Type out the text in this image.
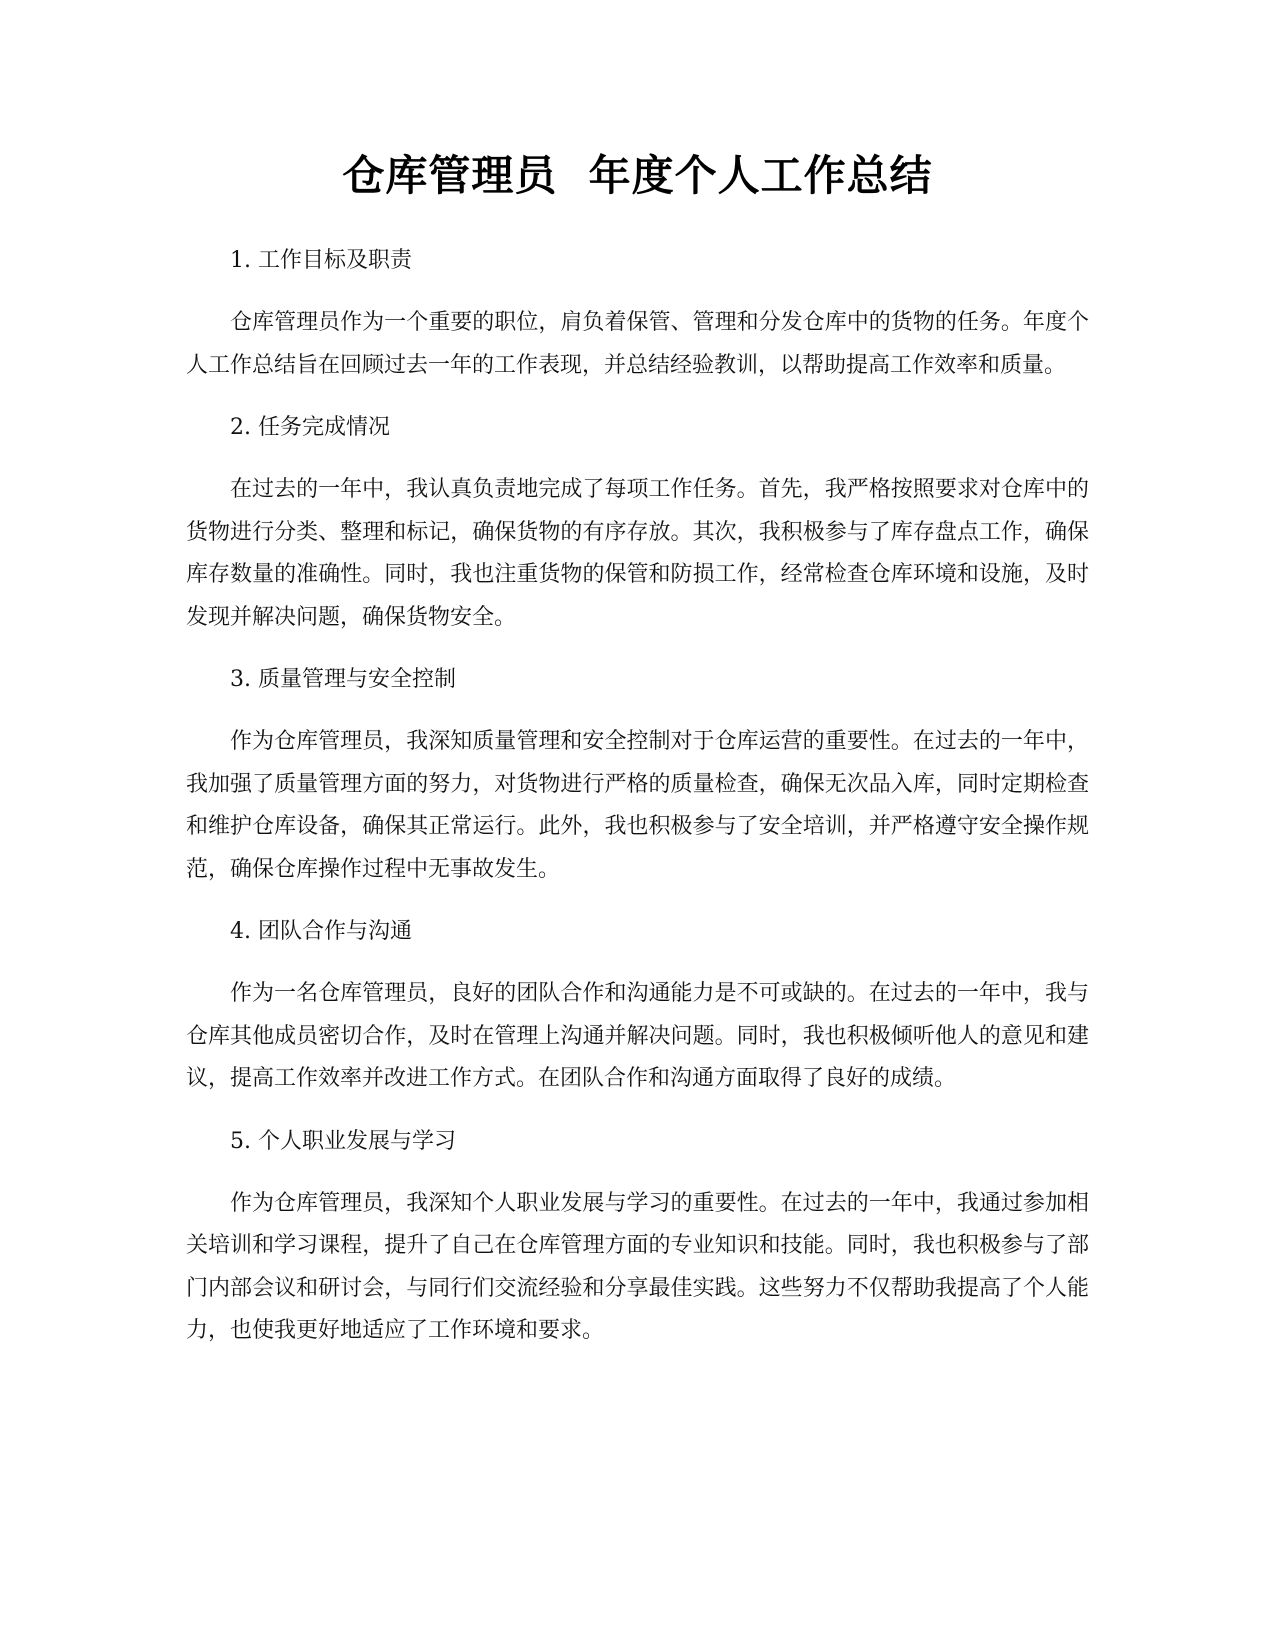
仓库管理员  年度个人工作总结
1. 工作目标及职责

仓库管理员作为一个重要的职位，肩负着保管、管理和分发仓库中的货物的任务。年度个人工作总结旨在回顾过去一年的工作表现，并总结经验教训，以帮助提高工作效率和质量。

2. 任务完成情况

在过去的一年中，我认真负责地完成了每项工作任务。首先，我严格按照要求对仓库中的货物进行分类、整理和标记，确保货物的有序存放。其次，我积极参与了库存盘点工作，确保库存数量的准确性。同时，我也注重货物的保管和防损工作，经常检查仓库环境和设施，及时发现并解决问题，确保货物安全。

3. 质量管理与安全控制

作为仓库管理员，我深知质量管理和安全控制对于仓库运营的重要性。在过去的一年中，我加强了质量管理方面的努力，对货物进行严格的质量检查，确保无次品入库，同时定期检查和维护仓库设备，确保其正常运行。此外，我也积极参与了安全培训，并严格遵守安全操作规范，确保仓库操作过程中无事故发生。

4. 团队合作与沟通

作为一名仓库管理员，良好的团队合作和沟通能力是不可或缺的。在过去的一年中，我与仓库其他成员密切合作，及时在管理上沟通并解决问题。同时，我也积极倾听他人的意见和建议，提高工作效率并改进工作方式。在团队合作和沟通方面取得了良好的成绩。

5. 个人职业发展与学习

作为仓库管理员，我深知个人职业发展与学习的重要性。在过去的一年中，我通过参加相关培训和学习课程，提升了自己在仓库管理方面的专业知识和技能。同时，我也积极参与了部门内部会议和研讨会，与同行们交流经验和分享最佳实践。这些努力不仅帮助我提高了个人能力，也使我更好地适应了工作环境和要求。
